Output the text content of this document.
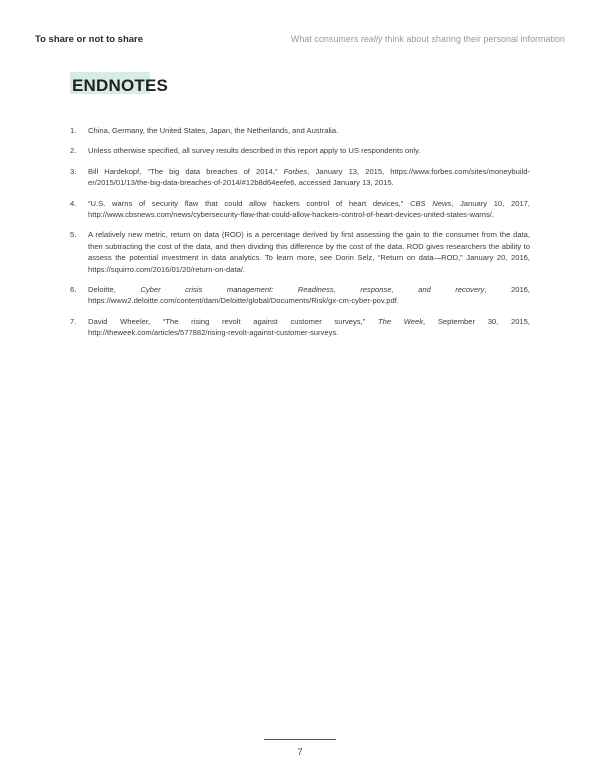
To share or not to share	What consumers really think about sharing their personal information
ENDNOTES
1.	China, Germany, the United States, Japan, the Netherlands, and Australia.
2.	Unless otherwise specified, all survey results described in this report apply to US respondents only.
3.	Bill Hardekopf, “The big data breaches of 2014,” Forbes, January 13, 2015, https://www.forbes.com/sites/moneybuild-er/2015/01/13/the-big-data-breaches-of-2014/#12b8d64eefe6, accessed January 13, 2015.
4.	“U.S. warns of security flaw that could allow hackers control of heart devices,” CBS News, January 10, 2017, http://www.cbsnews.com/news/cybersecurity-flaw-that-could-allow-hackers-control-of-heart-devices-united-states-warns/.
5.	A relatively new metric, return on data (ROD) is a percentage derived by first assessing the gain to the consumer from the data, then subtracting the cost of the data, and then dividing this difference by the cost of the data. ROD gives researchers the ability to assess the potential investment in data analytics. To learn more, see Dorin Selz, “Return on data—ROD,” January 20, 2016, https://squirro.com/2016/01/20/return-on-data/.
6.	Deloitte, Cyber crisis management: Readiness, response, and recovery, 2016, https://www2.deloitte.com/content/dam/Deloitte/global/Documents/Risk/gx-cm-cyber-pov.pdf.
7.	David Wheeler, “The rising revolt against customer surveys,” The Week, September 30, 2015, http://theweek.com/articles/577882/rising-revolt-against-customer-surveys.
7
